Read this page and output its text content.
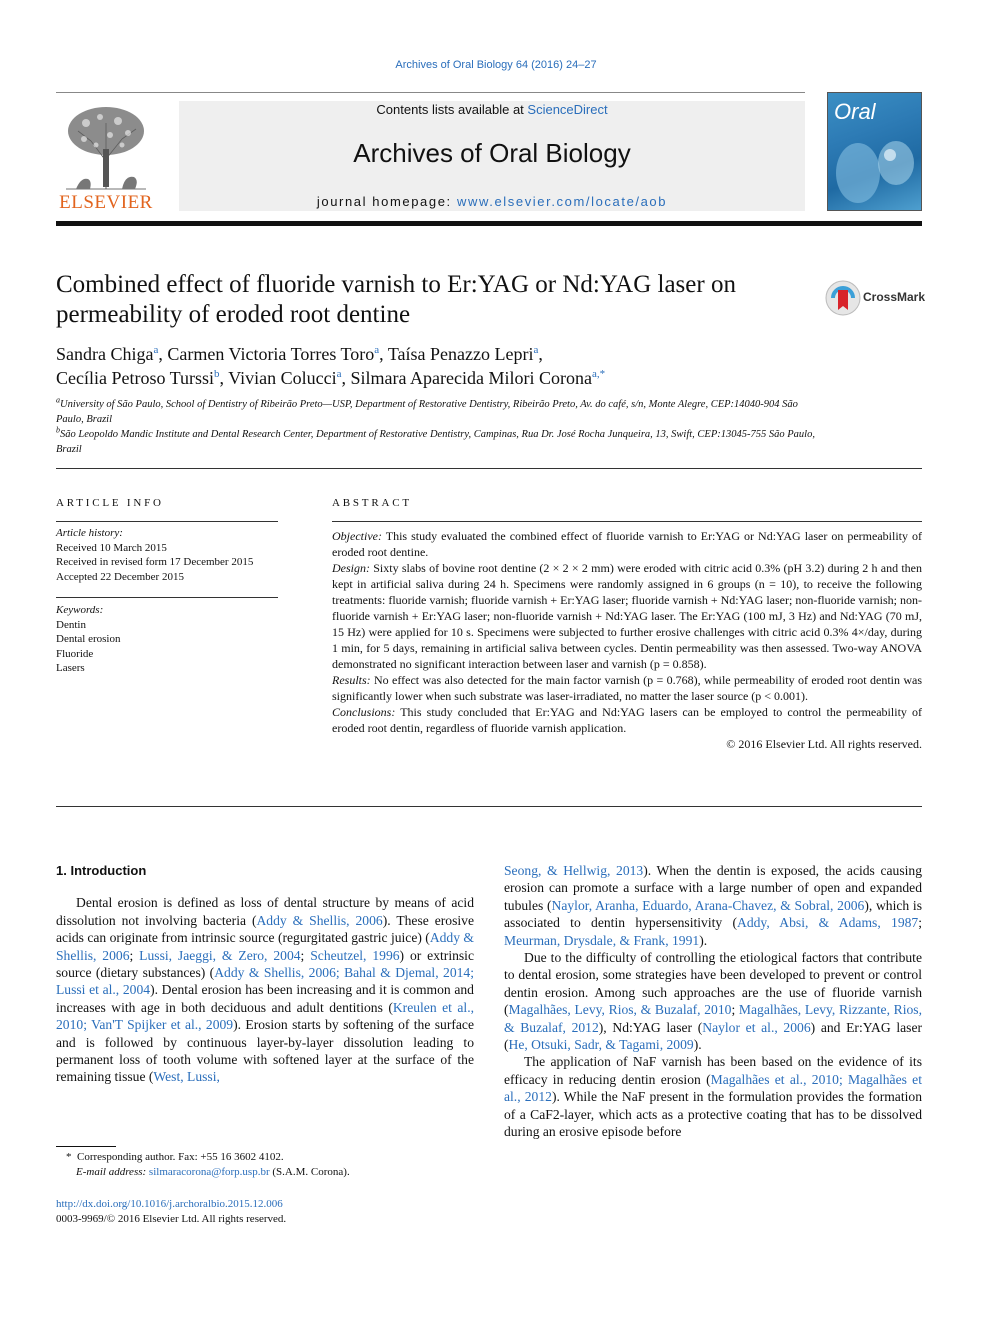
Archives of Oral Biology 64 (2016) 24–27
Contents lists available at ScienceDirect
Archives of Oral Biology
journal homepage: www.elsevier.com/locate/aob
ELSEVIER
Oral
Combined effect of fluoride varnish to Er:YAG or Nd:YAG laser on permeability of eroded root dentine
CrossMark
Sandra Chiga$^a$, Carmen Victoria Torres Toro$^a$, Taísa Penazzo Lepri$^a$,
Cecília Petroso Turssi$^b$, Vivian Colucci$^a$, Silmara Aparecida Milori Corona$^{a,*}$
$^a$University of São Paulo, School of Dentistry of Ribeirão Preto—USP, Department of Restorative Dentistry, Ribeirão Preto, Av. do café, s/n, Monte Alegre, CEP:14040-904 São Paulo, Brazil
$^b$São Leopoldo Mandic Institute and Dental Research Center, Department of Restorative Dentistry, Campinas, Rua Dr. José Rocha Junqueira, 13, Swift, CEP:13045-755 São Paulo, Brazil
ARTICLE INFO
Article history:
Received 10 March 2015
Received in revised form 17 December 2015
Accepted 22 December 2015
Keywords:
Dentin
Dental erosion
Fluoride
Lasers
ABSTRACT

Objective: This study evaluated the combined effect of fluoride varnish to Er:YAG or Nd:YAG laser on permeability of eroded root dentine.

Design: Sixty slabs of bovine root dentine (2 × 2 × 2 mm) were eroded with citric acid 0.3% (pH 3.2) during 2 h and then kept in artificial saliva during 24 h. Specimens were randomly assigned in 6 groups (n = 10), to receive the following treatments: fluoride varnish; fluoride varnish + Er:YAG laser; fluoride varnish + Nd:YAG laser; non-fluoride varnish; non-fluoride varnish + Er:YAG laser; non-fluoride varnish + Nd:YAG laser. The Er:YAG (100 mJ, 3 Hz) and Nd:YAG (70 mJ, 15 Hz) were applied for 10 s. Specimens were subjected to further erosive challenges with citric acid 0.3% 4×/day, during 1 min, for 5 days, remaining in artificial saliva between cycles. Dentin permeability was then assessed. Two-way ANOVA demonstrated no significant interaction between laser and varnish (p = 0.858).

Results: No effect was also detected for the main factor varnish (p = 0.768), while permeability of eroded root dentin was significantly lower when such substrate was laser-irradiated, no matter the laser source (p < 0.001).

Conclusions: This study concluded that Er:YAG and Nd:YAG lasers can be employed to control the permeability of eroded root dentin, regardless of fluoride varnish application.

© 2016 Elsevier Ltd. All rights reserved.

1. Introduction

Dental erosion is defined as loss of dental structure by means of acid dissolution not involving bacteria (Addy & Shellis, 2006). These erosive acids can originate from intrinsic source (regurgitated gastric juice) (Addy & Shellis, 2006; Lussi, Jaeggi, & Zero, 2004; Scheutzel, 1996) or extrinsic source (dietary substances) (Addy & Shellis, 2006; Bahal & Djemal, 2014; Lussi et al., 2004). Dental erosion has been increasing and it is common and increases with age in both deciduous and adult dentitions (Kreulen et al., 2010; Van'T Spijker et al., 2009). Erosion starts by softening of the surface and is followed by continuous layer-by-layer dissolution leading to permanent loss of tooth volume with softened layer at the surface of the remaining tissue (West, Lussi,

Seong, & Hellwig, 2013). When the dentin is exposed, the acids causing erosion can promote a surface with a large number of open and expanded tubules (Naylor, Aranha, Eduardo, Arana-Chavez, & Sobral, 2006), which is associated to dentin hypersensitivity (Addy, Absi, & Adams, 1987; Meurman, Drysdale, & Frank, 1991).

Due to the difficulty of controlling the etiological factors that contribute to dental erosion, some strategies have been developed to prevent or control dentin erosion. Among such approaches are the use of fluoride varnish (Magalhães, Levy, Rios, & Buzalaf, 2010; Magalhães, Levy, Rizzante, Rios, & Buzalaf, 2012), Nd:YAG laser (Naylor et al., 2006) and Er:YAG laser (He, Otsuki, Sadr, & Tagami, 2009).

The application of NaF varnish has been based on the evidence of its efficacy in reducing dentin erosion (Magalhães et al., 2010; Magalhães et al., 2012). While the NaF present in the formulation provides the formation of a CaF2-layer, which acts as a protective coating that has to be dissolved during an erosive episode before

*  Corresponding author. Fax: +55 16 3602 4102.
E-mail address: silmaracorona@forp.usp.br (S.A.M. Corona).
http://dx.doi.org/10.1016/j.archoralbio.2015.12.006
0003-9969/© 2016 Elsevier Ltd. All rights reserved.
